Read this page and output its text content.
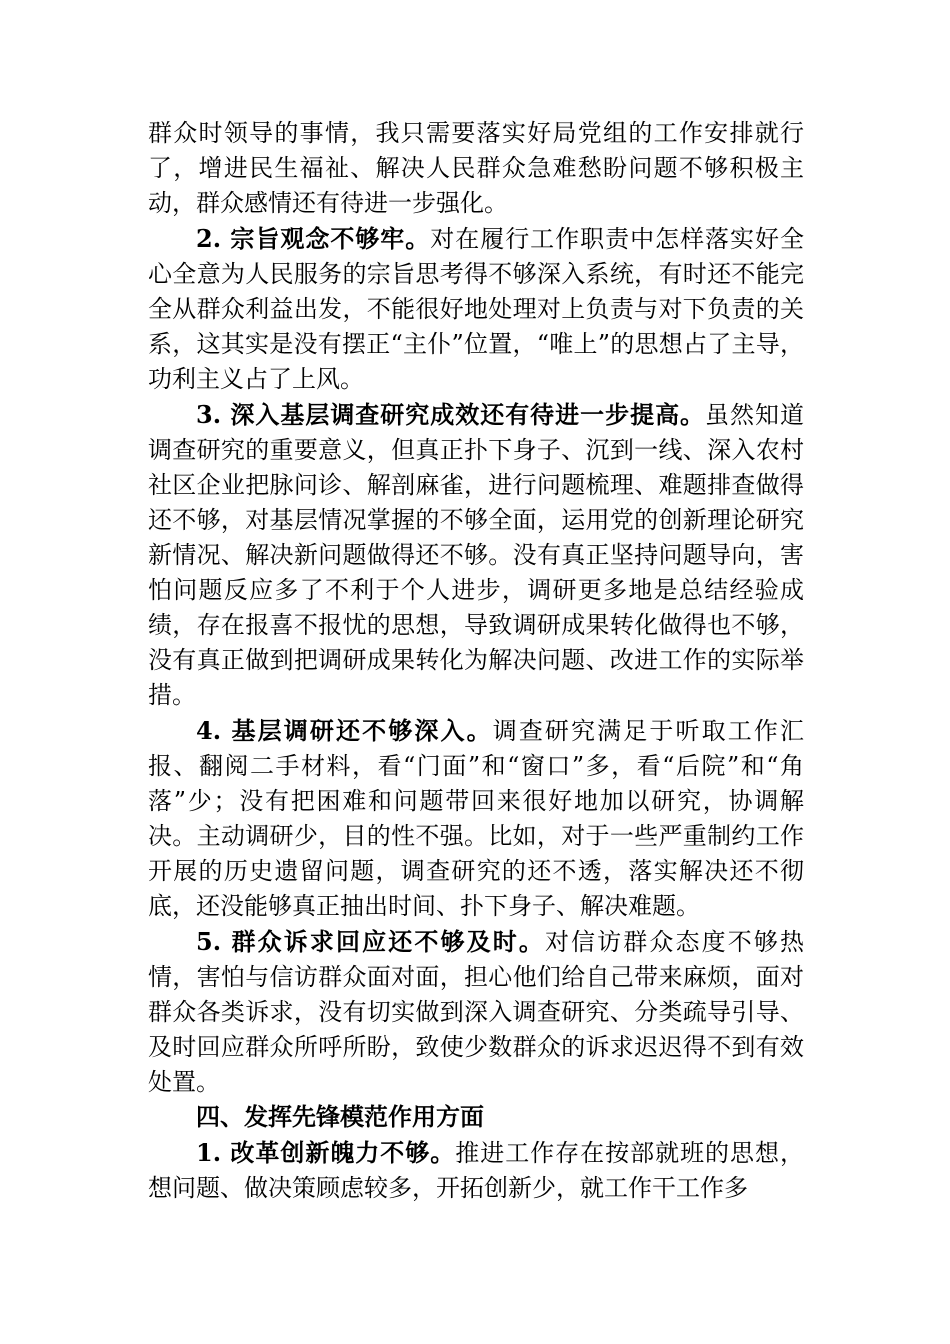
群众时领导的事情，我只需要落实好局党组的工作安排就行了，增进民生福祉、解决人民群众急难愁盼问题不够积极主动，群众感情还有待进一步强化。

2. 宗旨观念不够牢。对在履行工作职责中怎样落实好全心全意为人民服务的宗旨思考得不够深入系统，有时还不能完全从群众利益出发，不能很好地处理对上负责与对下负责的关系，这其实是没有摆正“主仆”位置，“唯上”的思想占了主导，功利主义占了上风。

3. 深入基层调查研究成效还有待进一步提高。虽然知道调查研究的重要意义，但真正扑下身子、沉到一线、深入农村社区企业把脉问诊、解剖麻雀，进行问题梳理、难题排查做得还不够，对基层情况掌握的不够全面，运用党的创新理论研究新情况、解决新问题做得还不够。没有真正坚持问题导向，害怕问题反应多了不利于个人进步，调研更多地是总结经验成绩，存在报喜不报忧的思想，导致调研成果转化做得也不够，没有真正做到把调研成果转化为解决问题、改进工作的实际举措。

4. 基层调研还不够深入。调查研究满足于听取工作汇报、翻阅二手材料，看“门面”和“窗口”多，看“后院”和“角落”少；没有把困难和问题带回来很好地加以研究，协调解决。主动调研少，目的性不强。比如，对于一些严重制约工作开展的历史遗留问题，调查研究的还不透，落实解决还不彻底，还没能够真正抽出时间、扑下身子、解决难题。

5. 群众诉求回应还不够及时。对信访群众态度不够热情，害怕与信访群众面对面，担心他们给自己带来麻烦，面对群众各类诉求，没有切实做到深入调查研究、分类疏导引导、及时回应群众所呼所盼，致使少数群众的诉求迟迟得不到有效处置。

四、发挥先锋模范作用方面

1. 改革创新魄力不够。推进工作存在按部就班的思想，想问题、做决策顾虑较多，开拓创新少，就工作干工作多
